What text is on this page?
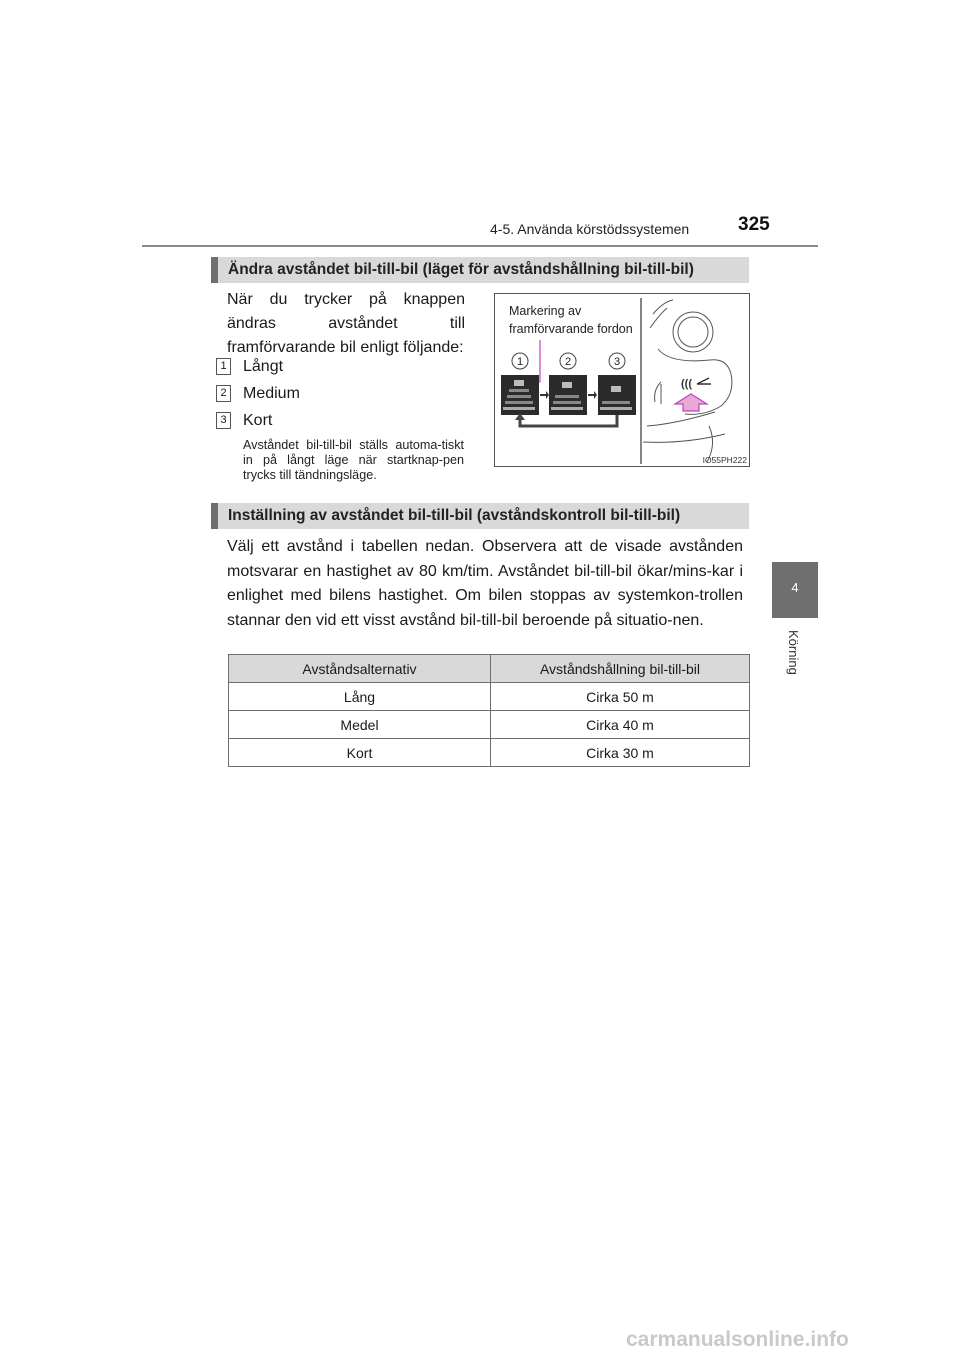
4-5. Använda körstödssystemen	325
4
Körning
Ändra avståndet bil-till-bil (läget för avståndshållning bil-till-bil)
När du trycker på knappen ändras avståndet till framförvarande bil enligt följande:
1 Långt
2 Medium
3 Kort
Avståndet bil-till-bil ställs automa-tiskt in på långt läge när startknap-pen trycks till tändningsläge.
Markering av
framförvarande fordon
1	2	3
(((
IO55PH222
Inställning av avståndet bil-till-bil (avståndskontroll bil-till-bil)
Välj ett avstånd i tabellen nedan. Observera att de visade avstånden motsvarar en hastighet av 80 km/tim. Avståndet bil-till-bil ökar/mins-kar i enlighet med bilens hastighet. Om bilen stoppas av systemkon-trollen stannar den vid ett visst avstånd bil-till-bil beroende på situatio-nen.
Avståndsalternativ	Avståndshållning bil-till-bil
Lång	Cirka 50 m
Medel	Cirka 40 m
Kort	Cirka 30 m
carmanualsonline.info
